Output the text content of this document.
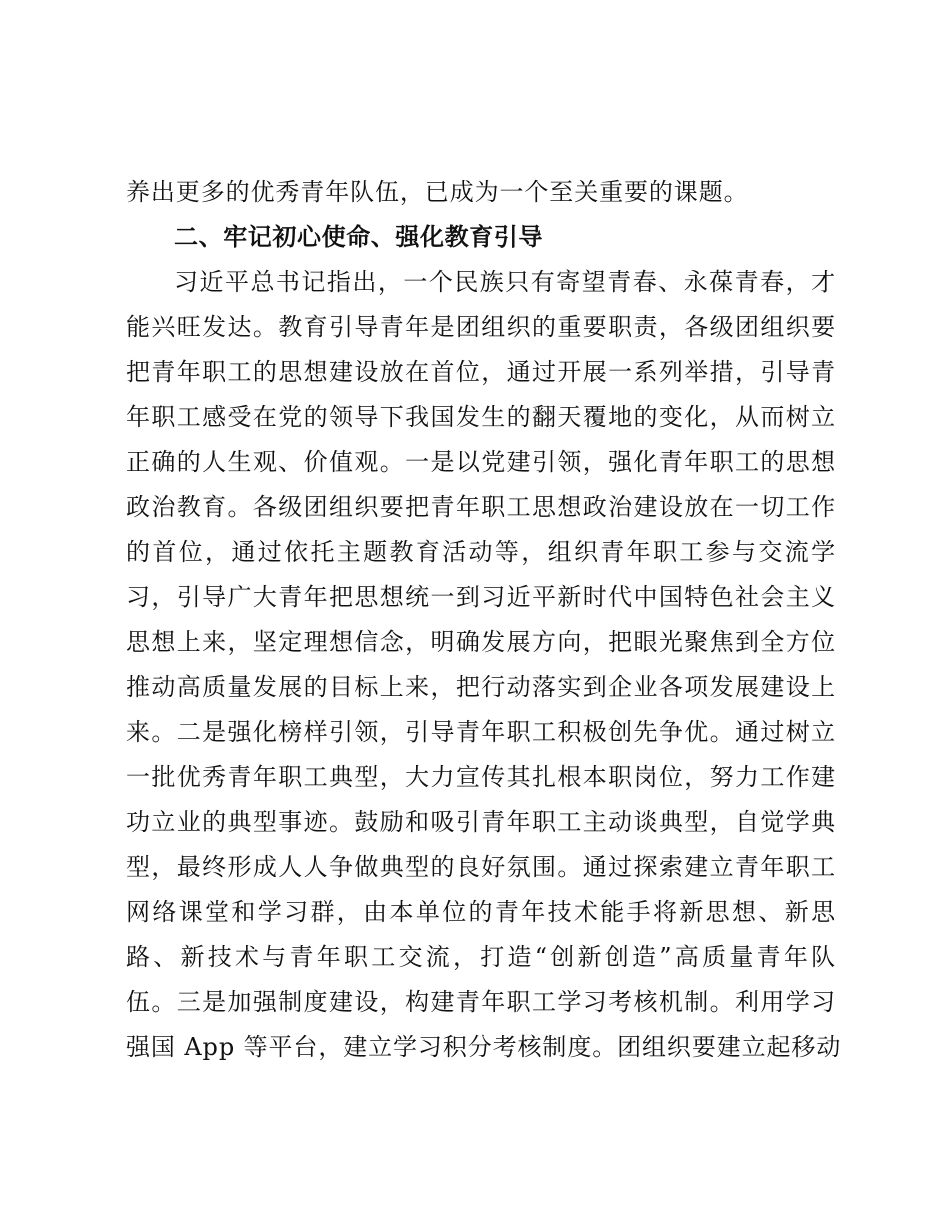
养出更多的优秀青年队伍，已成为一个至关重要的课题。
二、牢记初心使命、强化教育引导
习近平总书记指出，一个民族只有寄望青春、永葆青春，才
能兴旺发达。教育引导青年是团组织的重要职责，各级团组织要
把青年职工的思想建设放在首位，通过开展一系列举措，引导青
年职工感受在党的领导下我国发生的翻天覆地的变化，从而树立
正确的人生观、价值观。一是以党建引领，强化青年职工的思想
政治教育。各级团组织要把青年职工思想政治建设放在一切工作
的首位，通过依托主题教育活动等，组织青年职工参与交流学
习，引导广大青年把思想统一到习近平新时代中国特色社会主义
思想上来，坚定理想信念，明确发展方向，把眼光聚焦到全方位
推动高质量发展的目标上来，把行动落实到企业各项发展建设上
来。二是强化榜样引领，引导青年职工积极创先争优。通过树立
一批优秀青年职工典型，大力宣传其扎根本职岗位，努力工作建
功立业的典型事迹。鼓励和吸引青年职工主动谈典型，自觉学典
型，最终形成人人争做典型的良好氛围。通过探索建立青年职工
网络课堂和学习群，由本单位的青年技术能手将新思想、新思
路、新技术与青年职工交流，打造“创新创造”高质量青年队
伍。三是加强制度建设，构建青年职工学习考核机制。利用学习
强国 App 等平台，建立学习积分考核制度。团组织要建立起移动
